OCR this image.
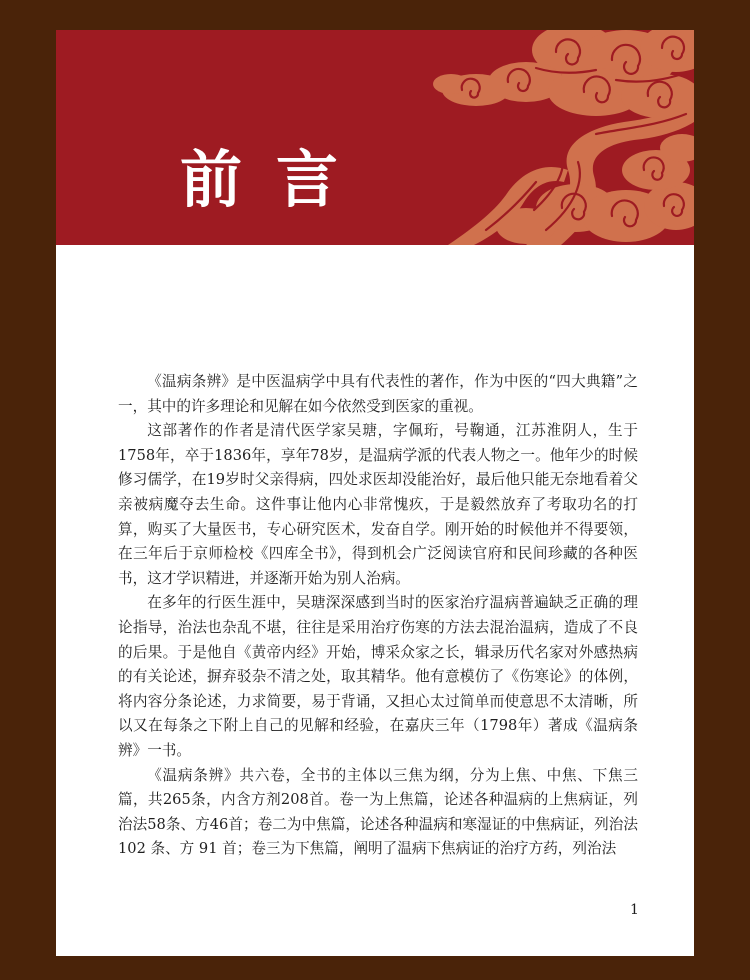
前言

《温病条辨》是中医温病学中具有代表性的著作，作为中医的“四大典籍”之一，其中的许多理论和见解在如今依然受到医家的重视。

这部著作的作者是清代医学家吴瑭，字佩珩，号鞠通，江苏淮阴人，生于1758年，卒于1836年，享年78岁，是温病学派的代表人物之一。他年少的时候修习儒学，在19岁时父亲得病，四处求医却没能治好，最后他只能无奈地看着父亲被病魔夺去生命。这件事让他内心非常愧疚，于是毅然放弃了考取功名的打算，购买了大量医书，专心研究医术，发奋自学。刚开始的时候他并不得要领，在三年后于京师检校《四库全书》，得到机会广泛阅读官府和民间珍藏的各种医书，这才学识精进，并逐渐开始为别人治病。

在多年的行医生涯中，吴瑭深深感到当时的医家治疗温病普遍缺乏正确的理论指导，治法也杂乱不堪，往往是采用治疗伤寒的方法去混治温病，造成了不良的后果。于是他自《黄帝内经》开始，博采众家之长，辑录历代名家对外感热病的有关论述，摒弃驳杂不清之处，取其精华。他有意模仿了《伤寒论》的体例，将内容分条论述，力求简要，易于背诵，又担心太过简单而使意思不太清晰，所以又在每条之下附上自己的见解和经验，在嘉庆三年（1798年）著成《温病条辨》一书。

《温病条辨》共六卷，全书的主体以三焦为纲，分为上焦、中焦、下焦三篇，共265条，内含方剂208首。卷一为上焦篇，论述各种温病的上焦病证，列治法58条、方46首；卷二为中焦篇，论述各种温病和寒湿证的中焦病证，列治法 102 条、方 91 首；卷三为下焦篇，阐明了温病下焦病证的治疗方药，列治法

1
